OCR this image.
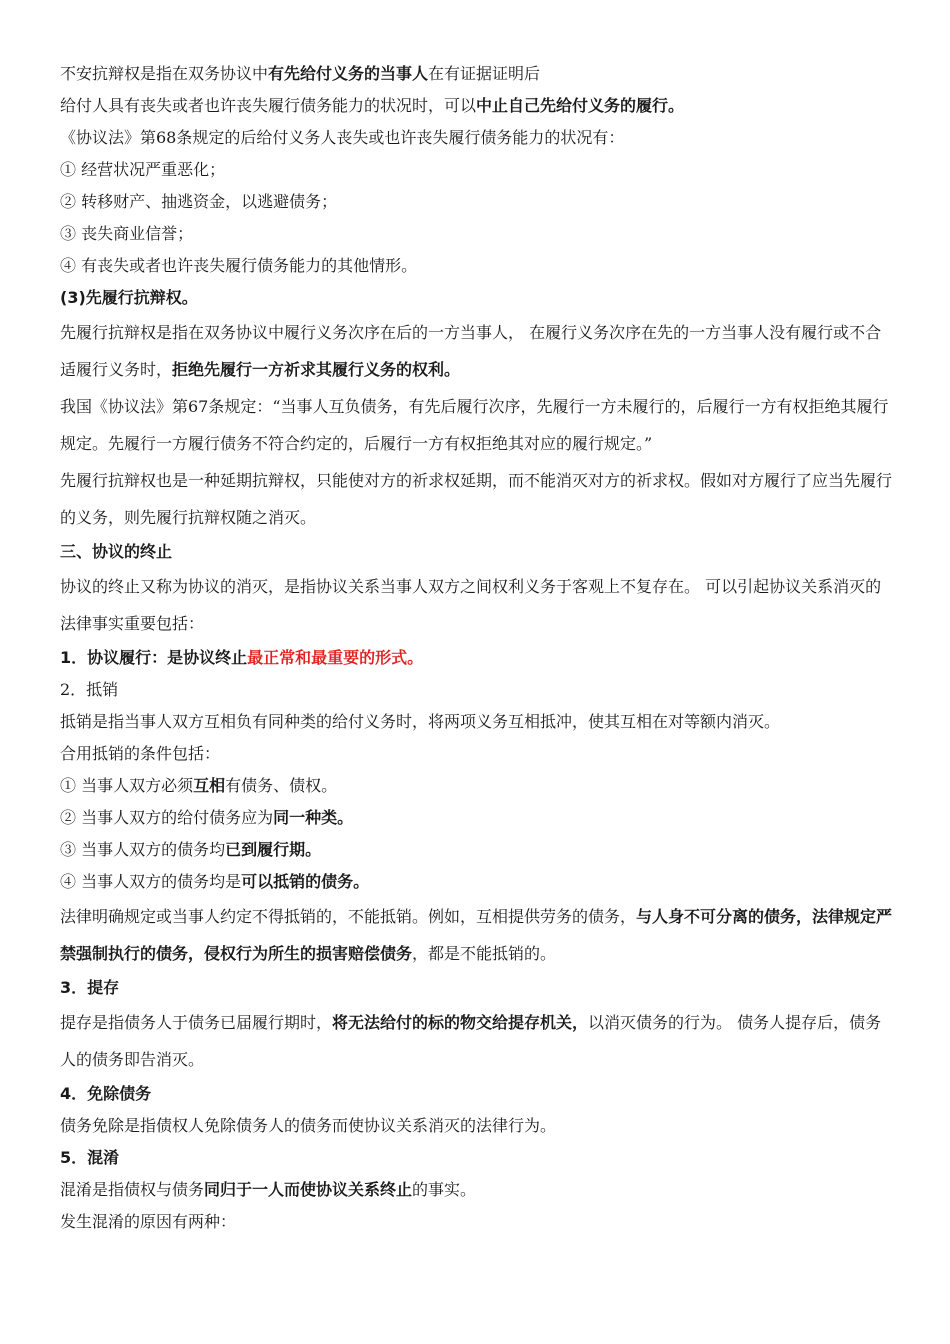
不安抗辩权是指在双务协议中有先给付义务的当事人在有证据证明后

给付人具有丧失或者也许丧失履行债务能力的状况时，可以中止自己先给付义务的履行。

《协议法》第68条规定的后给付义务人丧失或也许丧失履行债务能力的状况有：

① 经营状况严重恶化；

② 转移财产、抽逃资金，以逃避债务；

③ 丧失商业信誉；

④ 有丧失或者也许丧失履行债务能力的其他情形。

(3)先履行抗辩权。

先履行抗辩权是指在双务协议中履行义务次序在后的一方当事人， 在履行义务次序在先的一方当事人没有履行或不合适履行义务时，拒绝先履行一方祈求其履行义务的权利。

我国《协议法》第67条规定：“当事人互负债务，有先后履行次序，先履行一方未履行的，后履行一方有权拒绝其履行规定。先履行一方履行债务不符合约定的，后履行一方有权拒绝其对应的履行规定。”

先履行抗辩权也是一种延期抗辩权，只能使对方的祈求权延期，而不能消灭对方的祈求权。假如对方履行了应当先履行的义务，则先履行抗辩权随之消灭。

三、协议的终止

协议的终止又称为协议的消灭，是指协议关系当事人双方之间权利义务于客观上不复存在。 可以引起协议关系消灭的法律事实重要包括：

1．协议履行：是协议终止最正常和最重要的形式。

2．抵销

抵销是指当事人双方互相负有同种类的给付义务时，将两项义务互相抵冲，使其互相在对等额内消灭。

合用抵销的条件包括：

① 当事人双方必须互相有债务、债权。

② 当事人双方的给付债务应为同一种类。

③ 当事人双方的债务均已到履行期。

④ 当事人双方的债务均是可以抵销的债务。

法律明确规定或当事人约定不得抵销的，不能抵销。例如，互相提供劳务的债务，与人身不可分离的债务，法律规定严禁强制执行的债务，侵权行为所生的损害赔偿债务，都是不能抵销的。

3．提存

提存是指债务人于债务已届履行期时，将无法给付的标的物交给提存机关，以消灭债务的行为。 债务人提存后，债务人的债务即告消灭。

4．免除债务

债务免除是指债权人免除债务人的债务而使协议关系消灭的法律行为。

5．混淆

混淆是指债权与债务同归于一人而使协议关系终止的事实。

发生混淆的原因有两种：
